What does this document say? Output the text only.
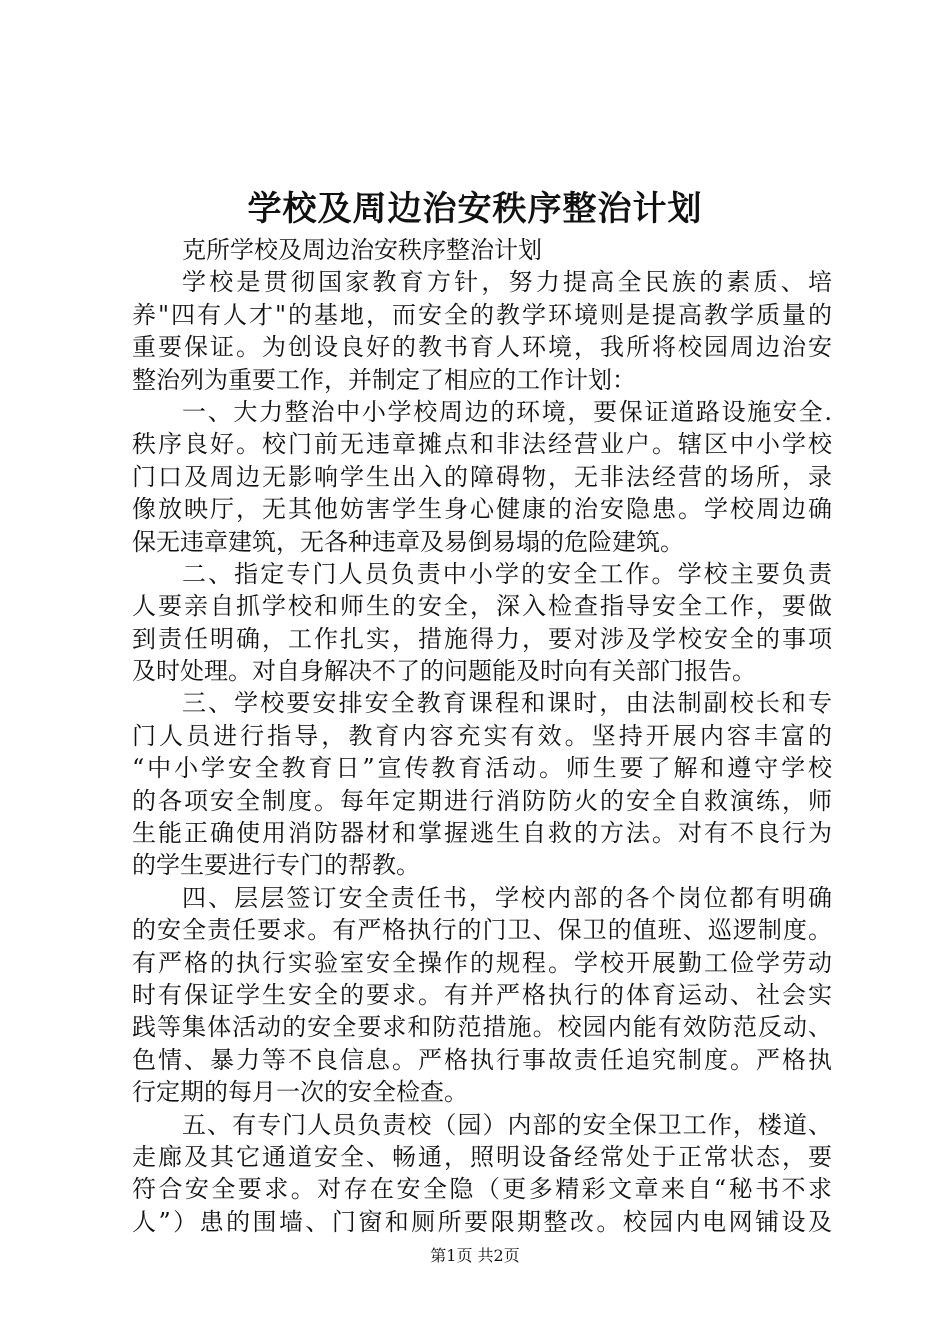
学校及周边治安秩序整治计划
克所学校及周边治安秩序整治计划
学校是贯彻国家教育方针，努力提高全民族的素质、培
养"四有人才"的基地，而安全的教学环境则是提高教学质量的
重要保证。为创设良好的教书育人环境，我所将校园周边治安
整治列为重要工作，并制定了相应的工作计划：
一、大力整治中小学校周边的环境，要保证道路设施安全.
秩序良好。校门前无违章摊点和非法经营业户。辖区中小学校
门口及周边无影响学生出入的障碍物，无非法经营的场所，录
像放映厅，无其他妨害学生身心健康的治安隐患。学校周边确
保无违章建筑，无各种违章及易倒易塌的危险建筑。
二、指定专门人员负责中小学的安全工作。学校主要负责
人要亲自抓学校和师生的安全，深入检查指导安全工作，要做
到责任明确，工作扎实，措施得力，要对涉及学校安全的事项
及时处理。对自身解决不了的问题能及时向有关部门报告。
三、学校要安排安全教育课程和课时，由法制副校长和专
门人员进行指导，教育内容充实有效。坚持开展内容丰富的
“中小学安全教育日”宣传教育活动。师生要了解和遵守学校
的各项安全制度。每年定期进行消防防火的安全自救演练，师
生能正确使用消防器材和掌握逃生自救的方法。对有不良行为
的学生要进行专门的帮教。
四、层层签订安全责任书，学校内部的各个岗位都有明确
的安全责任要求。有严格执行的门卫、保卫的值班、巡逻制度。
有严格的执行实验室安全操作的规程。学校开展勤工俭学劳动
时有保证学生安全的要求。有并严格执行的体育运动、社会实
践等集体活动的安全要求和防范措施。校园内能有效防范反动、
色情、暴力等不良信息。严格执行事故责任追究制度。严格执
行定期的每月一次的安全检查。
五、有专门人员负责校（园）内部的安全保卫工作，楼道、
走廊及其它通道安全、畅通，照明设备经常处于正常状态，要
符合安全要求。对存在安全隐（更多精彩文章来自“秘书不求
人”）患的围墙、门窗和厕所要限期整改。校园内电网铺设及
第1页 共2页
